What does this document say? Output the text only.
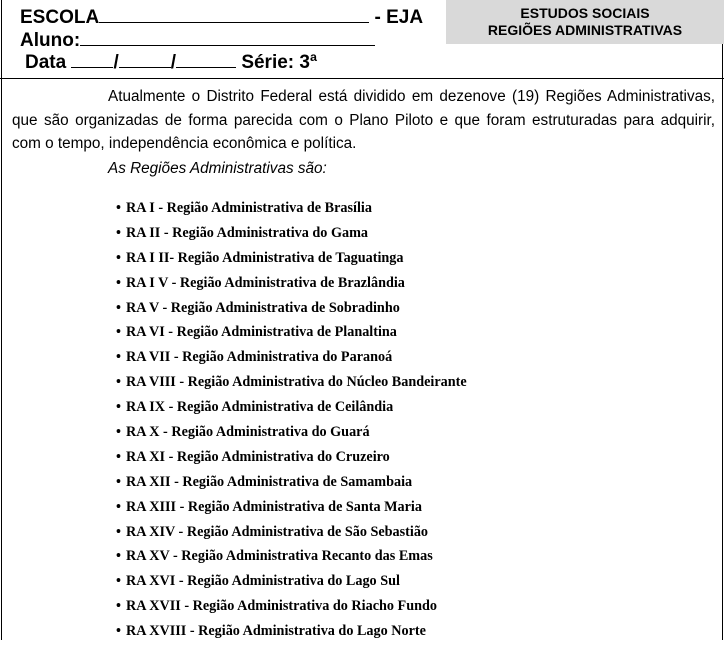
ESCOLA	- EJA
Aluno:
Data /	/	Série: 3ª
ESTUDOS SOCIAIS
REGIÕES ADMINISTRATIVAS

Atualmente o Distrito Federal está dividido em dezenove (19) Regiões Administrativas, que são organizadas de forma parecida com o Plano Piloto e que foram estruturadas para adquirir, com o tempo, independência econômica e política.

As Regiões Administrativas são:
• RA I - Região Administrativa de Brasília
• RA II - Região Administrativa do Gama
• RA I II- Região Administrativa de Taguatinga
• RA I V - Região Administrativa de Brazlândia
• RA V - Região Administrativa de Sobradinho
• RA VI - Região Administrativa de Planaltina
• RA VII - Região Administrativa do Paranoá
• RA VIII - Região Administrativa do Núcleo Bandeirante
• RA IX - Região Administrativa de Ceilândia
• RA X - Região Administrativa do Guará
• RA XI - Região Administrativa do Cruzeiro
• RA XII - Região Administrativa de Samambaia
• RA XIII - Região Administrativa de Santa Maria
• RA XIV - Região Administrativa de São Sebastião
• RA XV - Região Administrativa Recanto das Emas
• RA XVI - Região Administrativa do Lago Sul
• RA XVII - Região Administrativa do Riacho Fundo
• RA XVIII - Região Administrativa do Lago Norte
